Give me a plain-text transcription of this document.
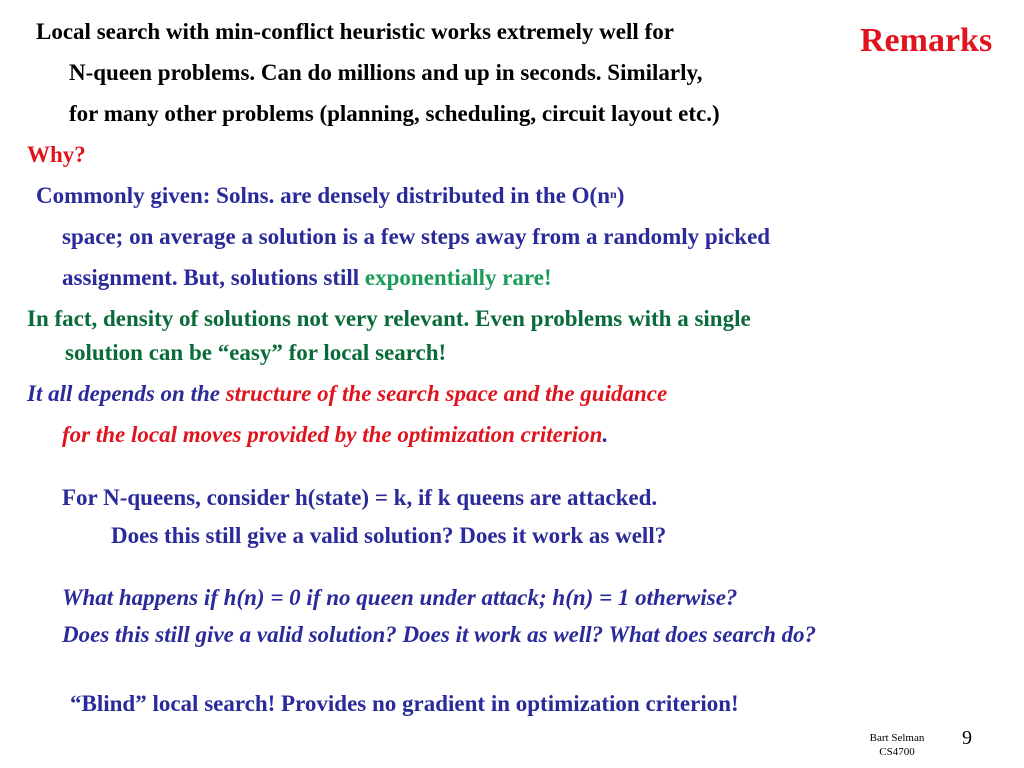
Remarks
Local search with min-conflict heuristic works extremely well for
N-queen problems. Can do millions and up in seconds. Similarly,
for many other problems (planning, scheduling, circuit layout etc.)
Why?
Commonly given: Solns. are densely distributed in the $O(n^n)$
space; on average a solution is a few steps away from a randomly picked
assignment. But, solutions still exponentially rare!
In fact, density of solutions not very relevant. Even problems with a single
solution can be “easy” for local search!
It all depends on the structure of the search space and the guidance
for the local moves provided by the optimization criterion.
For N-queens, consider h(state) = k, if k queens are attacked.
Does this still give a valid solution? Does it work as well?
What happens if h(n) = 0 if no queen under attack; h(n) = 1 otherwise?
Does this still give a valid solution? Does it work as well? What does search do?
“Blind” local search! Provides no gradient in optimization criterion!
Bart Selman
CS4700
9
